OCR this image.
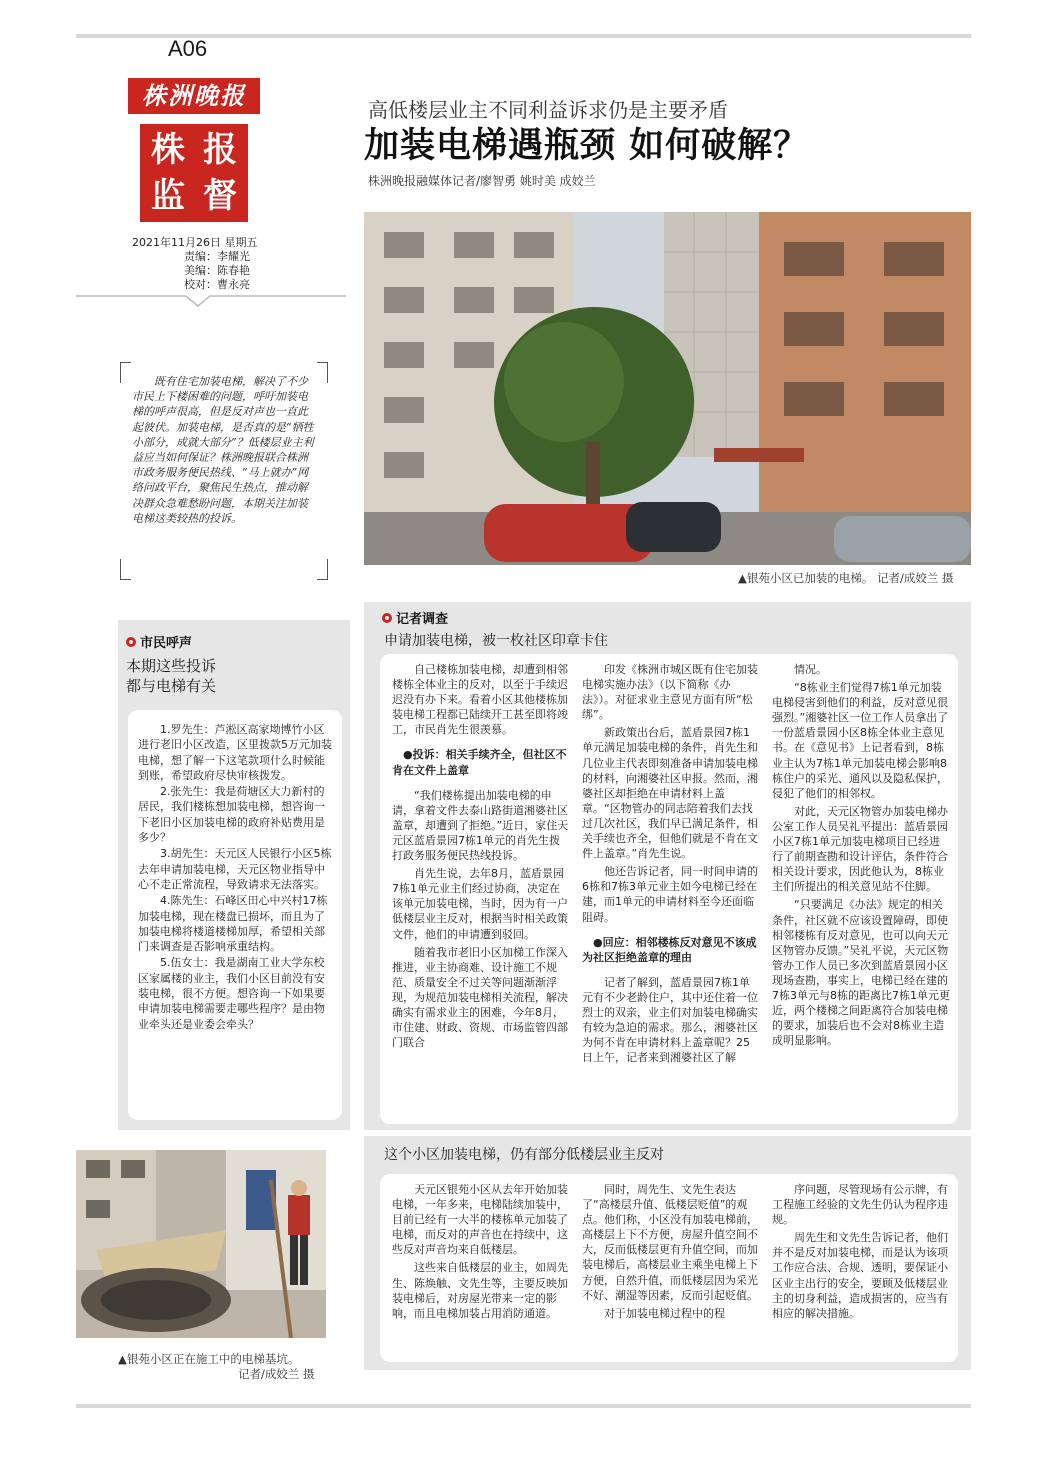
A06
株洲晚报
株 报
监 督
2021年11月26日 星期五
责编：李耀光
美编：陈春艳
校对：曹永亮
高低楼层业主不同利益诉求仍是主要矛盾
加装电梯遇瓶颈 如何破解？
株洲晚报融媒体记者/廖智勇 姚时美 成姣兰
▲银苑小区已加装的电梯。 记者/成姣兰 摄
既有住宅加装电梯，解决了不少市民上下楼困难的问题，呼吁加装电梯的呼声很高，但是反对声也一直此起彼伏。加装电梯，是否真的是“牺牲小部分，成就大部分”？低楼层业主利益应当如何保证？株洲晚报联合株洲市政务服务便民热线、“马上就办”网络问政平台，聚焦民生热点，推动解决群众急难愁盼问题，本期关注加装电梯这类较热的投诉。
市民呼声
本期这些投诉
都与电梯有关

1.罗先生：芦淞区高家坳博竹小区进行老旧小区改造，区里拨款5万元加装电梯，想了解一下这笔款项什么时候能到账，希望政府尽快审核拨发。

2.张先生：我是荷塘区大力新村的居民，我们楼栋想加装电梯，想咨询一下老旧小区加装电梯的政府补贴费用是多少？

3.胡先生：天元区人民银行小区5栋去年申请加装电梯，天元区物业指导中心不走正常流程，导致请求无法落实。

4.陈先生：石峰区田心中兴村17栋加装电梯，现在楼盘已损坏，而且为了加装电梯将楼道楼梯加厚，希望相关部门来调查是否影响承重结构。

5.伍女士：我是湖南工业大学东校区家属楼的业主，我们小区目前没有安装电梯，很不方便。想咨询一下如果要申请加装电梯需要走哪些程序？是由物业牵头还是业委会牵头？

记者调查
申请加装电梯，被一枚社区印章卡住

自己楼栋加装电梯，却遭到相邻楼栋全体业主的反对，以至于手续迟迟没有办下来。看着小区其他楼栋加装电梯工程都已陆续开工甚至即将竣工，市民肖先生很羡慕。

●投诉：相关手续齐全，但社区不肯在文件上盖章

“我们楼栋提出加装电梯的申请，拿着文件去泰山路街道湘婆社区盖章，却遭到了拒绝。”近日，家住天元区蓝盾景园7栋1单元的肖先生拨打政务服务便民热线投诉。

肖先生说，去年8月，蓝盾景园7栋1单元业主们经过协商，决定在该单元加装电梯，当时，因为有一户低楼层业主反对，根据当时相关政策文件，他们的申请遭到驳回。

随着我市老旧小区加梯工作深入推进，业主协商难、设计施工不规范、质量安全不过关等问题渐渐浮现，为规范加装电梯相关流程，解决确实有需求业主的困难，今年8月，市住建、财政、资规、市场监管四部门联合

印发《株洲市城区既有住宅加装电梯实施办法》（以下简称《办法》）。对征求业主意见方面有所“松绑”。

新政策出台后，蓝盾景园7栋1单元满足加装电梯的条件，肖先生和几位业主代表即刻准备申请加装电梯的材料，向湘婆社区申报。然而，湘婆社区却拒绝在申请材料上盖章。“区物管办的同志陪着我们去找过几次社区，我们早已满足条件，相关手续也齐全，但他们就是不肯在文件上盖章。”肖先生说。

他还告诉记者，同一时间申请的6栋和7栋3单元业主如今电梯已经在建，而1单元的申请材料至今还面临阻碍。

●回应：相邻楼栋反对意见不该成为社区拒绝盖章的理由

记者了解到，蓝盾景园7栋1单元有不少老龄住户，其中还住着一位烈士的双亲，业主们对加装电梯确实有较为急迫的需求。那么，湘婆社区为何不肯在申请材料上盖章呢？25日上午，记者来到湘婆社区了解

情况。

“8栋业主们觉得7栋1单元加装电梯侵害到他们的利益，反对意见很强烈。”湘婆社区一位工作人员拿出了一份蓝盾景园小区8栋全体业主意见书。在《意见书》上记者看到，8栋业主认为7栋1单元加装电梯会影响8栋住户的采光、通风以及隐私保护，侵犯了他们的相邻权。

对此，天元区物管办加装电梯办公室工作人员吴礼平提出：蓝盾景园小区7栋1单元加装电梯项目已经进行了前期查勘和设计评估，条件符合相关设计要求，因此他认为，8栋业主们所提出的相关意见站不住脚。

“只要满足《办法》规定的相关条件，社区就不应该设置障碍，即使相邻楼栋有反对意见，也可以向天元区物管办反馈。”吴礼平说，天元区物管办工作人员已多次到蓝盾景园小区现场查勘，事实上，电梯已经在建的7栋3单元与8栋的距离比7栋1单元更近，两个楼梯之间距离符合加装电梯的要求，加装后也不会对8栋业主造成明显影响。

这个小区加装电梯，仍有部分低楼层业主反对

天元区银苑小区从去年开始加装电梯，一年多来，电梯陆续加装中，目前已经有一大半的楼栋单元加装了电梯，而反对的声音也在持续中，这些反对声音均来自低楼层。

这些来自低楼层的业主，如周先生、陈焕触、文先生等，主要反映加装电梯后，对房屋光带来一定的影响，而且电梯加装占用消防通道。

同时，周先生、文先生表达了“高楼层升值、低楼层贬值”的观点。他们称，小区没有加装电梯前，高楼层上下不方便，房屋升值空间不大，反而低楼层更有升值空间，而加装电梯后，高楼层业主乘坐电梯上下方便，自然升值，而低楼层因为采光不好、潮湿等因素，反而引起贬值。

对于加装电梯过程中的程

序问题，尽管现场有公示牌，有工程施工经验的文先生仍认为程序违规。

周先生和文先生告诉记者，他们并不是反对加装电梯，而是认为该项工作应合法、合规、透明，要保证小区业主出行的安全，要顾及低楼层业主的切身利益，造成损害的，应当有相应的解决措施。

▲银苑小区正在施工中的电梯基坑。
记者/成姣兰 摄
